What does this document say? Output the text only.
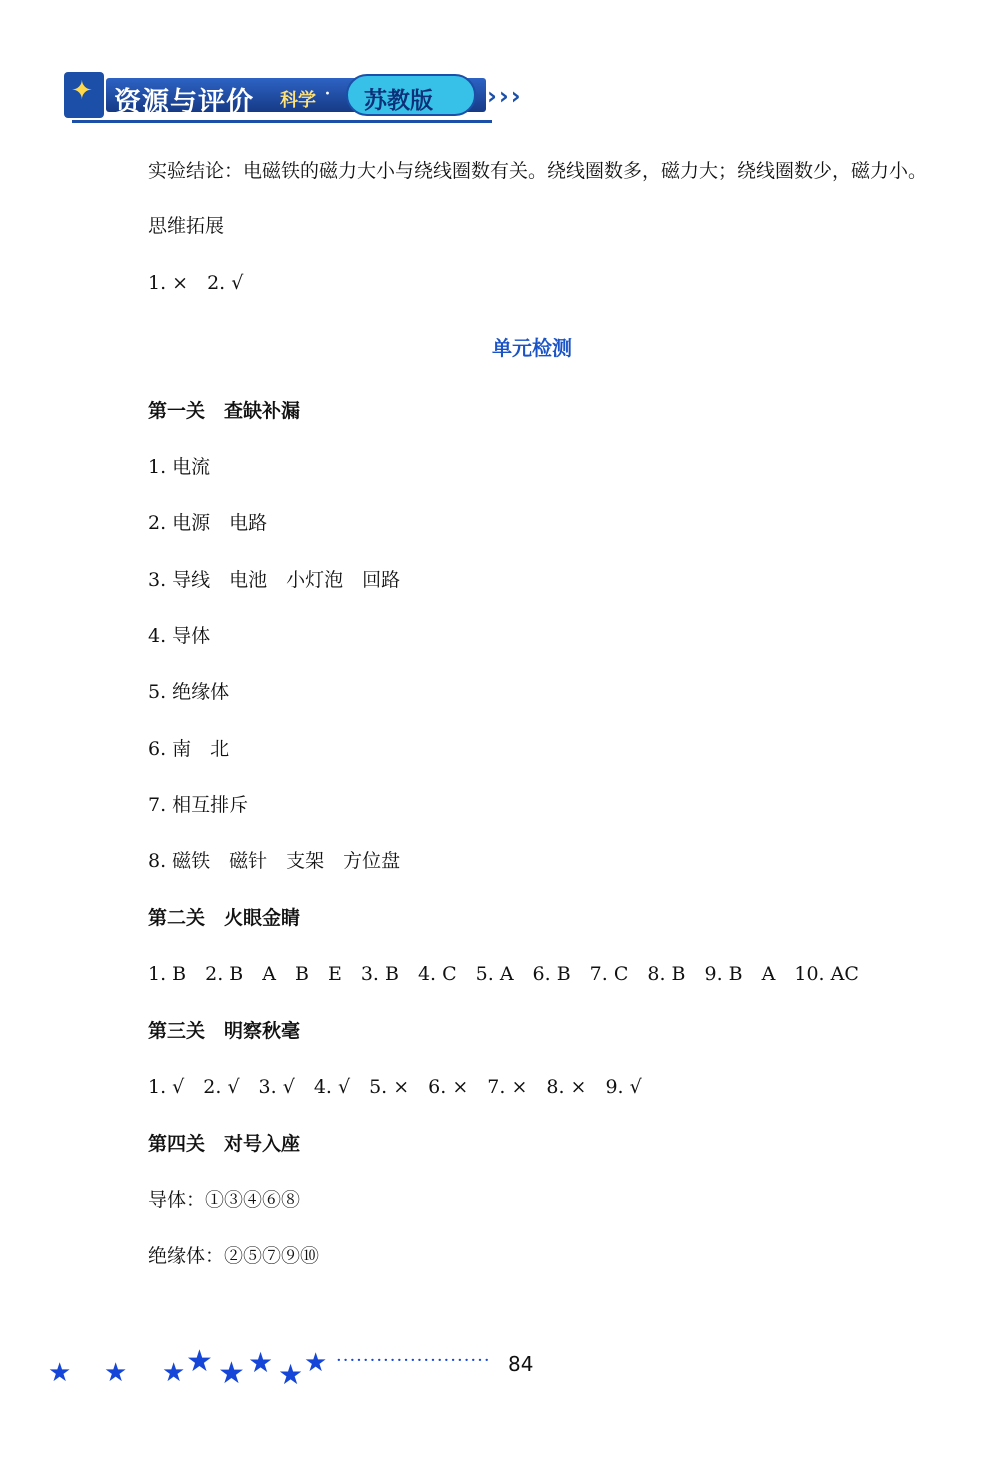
✦ 资源与评价 科学 · 苏教版 ›››
实验结论：电磁铁的磁力大小与绕线圈数有关。绕线圈数多，磁力大；绕线圈数少，磁力小。
思维拓展
1. ×　2. √
单元检测
第一关　查缺补漏
1. 电流
2. 电源　电路
3. 导线　电池　小灯泡　回路
4. 导体
5. 绝缘体
6. 南　北
7. 相互排斥
8. 磁铁　磁针　支架　方位盘
第二关　火眼金睛
1. B　2. B　A　B　E　3. B　4. C　5. A　6. B　7. C　8. B　9. B　A　10. AC
第三关　明察秋毫
1. √　2. √　3. √　4. √　5. ×　6. ×　7. ×　8. ×　9. √
第四关　对号入座
导体：①③④⑥⑧
绝缘体：②⑤⑦⑨⑩
★ ★ ★ ★ ★ ★ ★ ★ ······················· 84
